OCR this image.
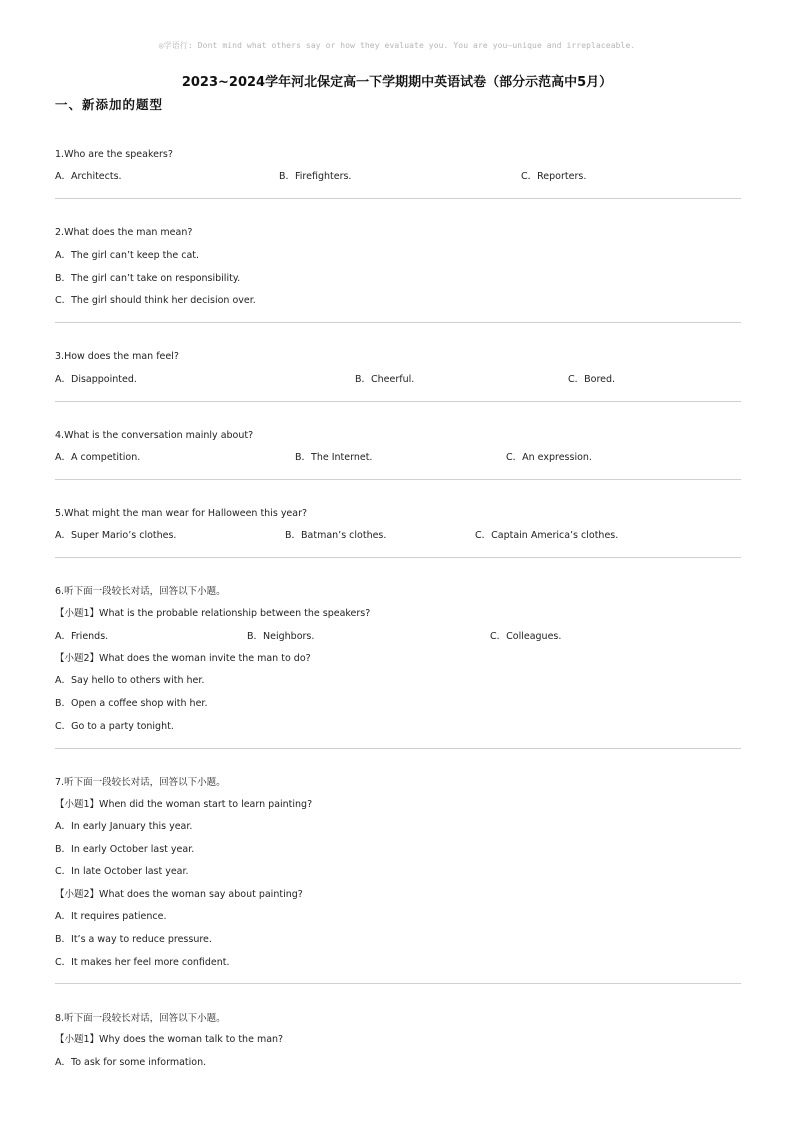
◎学语行: Dont mind what others say or how they evaluate you. You are you—unique and irreplaceable.
2023~2024学年河北保定高一下学期期中英语试卷（部分示范高中5月）
一、新添加的题型
1.Who are the speakers?
A．Architects.	B．Firefighters.	C．Reporters.
2.What does the man mean?
A．The girl can’t keep the cat.
B．The girl can’t take on responsibility.
C．The girl should think her decision over.
3.How does the man feel?
A．Disappointed.	B．Cheerful.	C．Bored.
4.What is the conversation mainly about?
A．A competition.	B．The Internet.	C．An expression.
5.What might the man wear for Halloween this year?
A．Super Mario’s clothes.	B．Batman’s clothes.	C．Captain America’s clothes.
6.听下面一段较长对话，回答以下小题。
【小题1】What is the probable relationship between the speakers?
A．Friends.	B．Neighbors.	C．Colleagues.
【小题2】What does the woman invite the man to do?
A．Say hello to others with her.
B．Open a coffee shop with her.
C．Go to a party tonight.
7.听下面一段较长对话，回答以下小题。
【小题1】When did the woman start to learn painting?
A．In early January this year.
B．In early October last year.
C．In late October last year.
【小题2】What does the woman say about painting?
A．It requires patience.
B．It’s a way to reduce pressure.
C．It makes her feel more confident.
8.听下面一段较长对话，回答以下小题。
【小题1】Why does the woman talk to the man?
A．To ask for some information.
